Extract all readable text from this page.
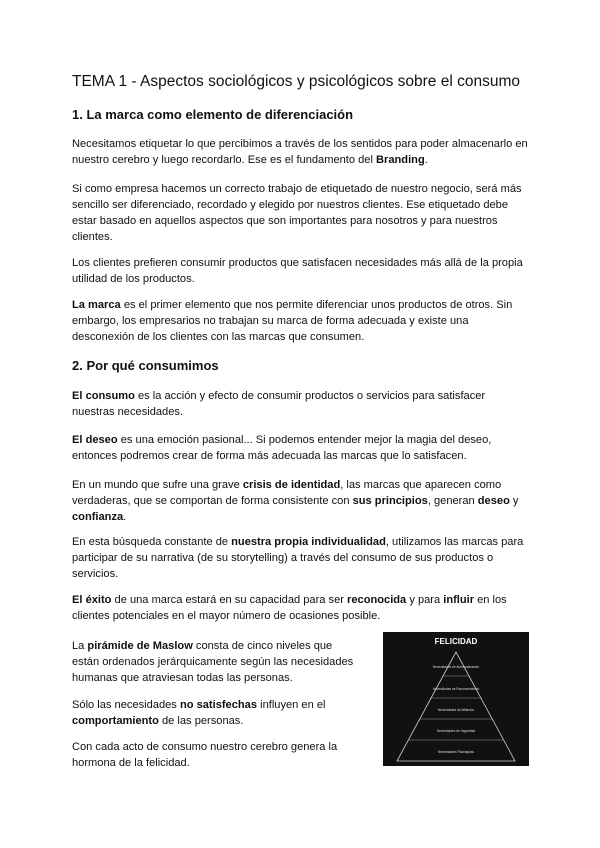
TEMA 1 - Aspectos sociológicos y psicológicos sobre el consumo
1. La marca como elemento de diferenciación

Necesitamos etiquetar lo que percibimos a través de los sentidos para poder almacenarlo en nuestro cerebro y luego recordarlo. Ese es el fundamento del Branding.

Si como empresa hacemos un correcto trabajo de etiquetado de nuestro negocio, será más sencillo ser diferenciado, recordado y elegido por nuestros clientes. Ese etiquetado debe estar basado en aquellos aspectos que son importantes para nosotros y para nuestros clientes.

Los clientes prefieren consumir productos que satisfacen necesidades más allá de la propia utilidad de los productos.

La marca es el primer elemento que nos permite diferenciar unos productos de otros. Sin embargo, los empresarios no trabajan su marca de forma adecuada y existe una desconexión de los clientes con las marcas que consumen.

2. Por qué consumimos

El consumo es la acción y efecto de consumir productos o servicios para satisfacer nuestras necesidades.

El deseo es una emoción pasional... Si podemos entender mejor la magia del deseo, entonces podremos crear de forma más adecuada las marcas que lo satisfacen.

En un mundo que sufre una grave crisis de identidad, las marcas que aparecen como verdaderas, que se comportan de forma consistente con sus principios, generan deseo y confianza.

En esta búsqueda constante de nuestra propia individualidad, utilizamos las marcas para participar de su narrativa (de su storytelling) a través del consumo de sus productos o servicios.

El éxito de una marca estará en su capacidad para ser reconocida y para influir en los clientes potenciales en el mayor número de ocasiones posible.

La pirámide de Maslow consta de cinco niveles que están ordenados jerárquicamente según las necesidades humanas que atraviesan todas las personas.

Sólo las necesidades no satisfechas influyen en el comportamiento de las personas.

Con cada acto de consumo nuestro cerebro genera la hormona de la felicidad.

FELICIDAD
Necesidades de Autorrealización
Necesidades de Reconocimiento
Necesidades de Afiliación
Necesidades de Seguridad
Necesidades Fisiológicas
